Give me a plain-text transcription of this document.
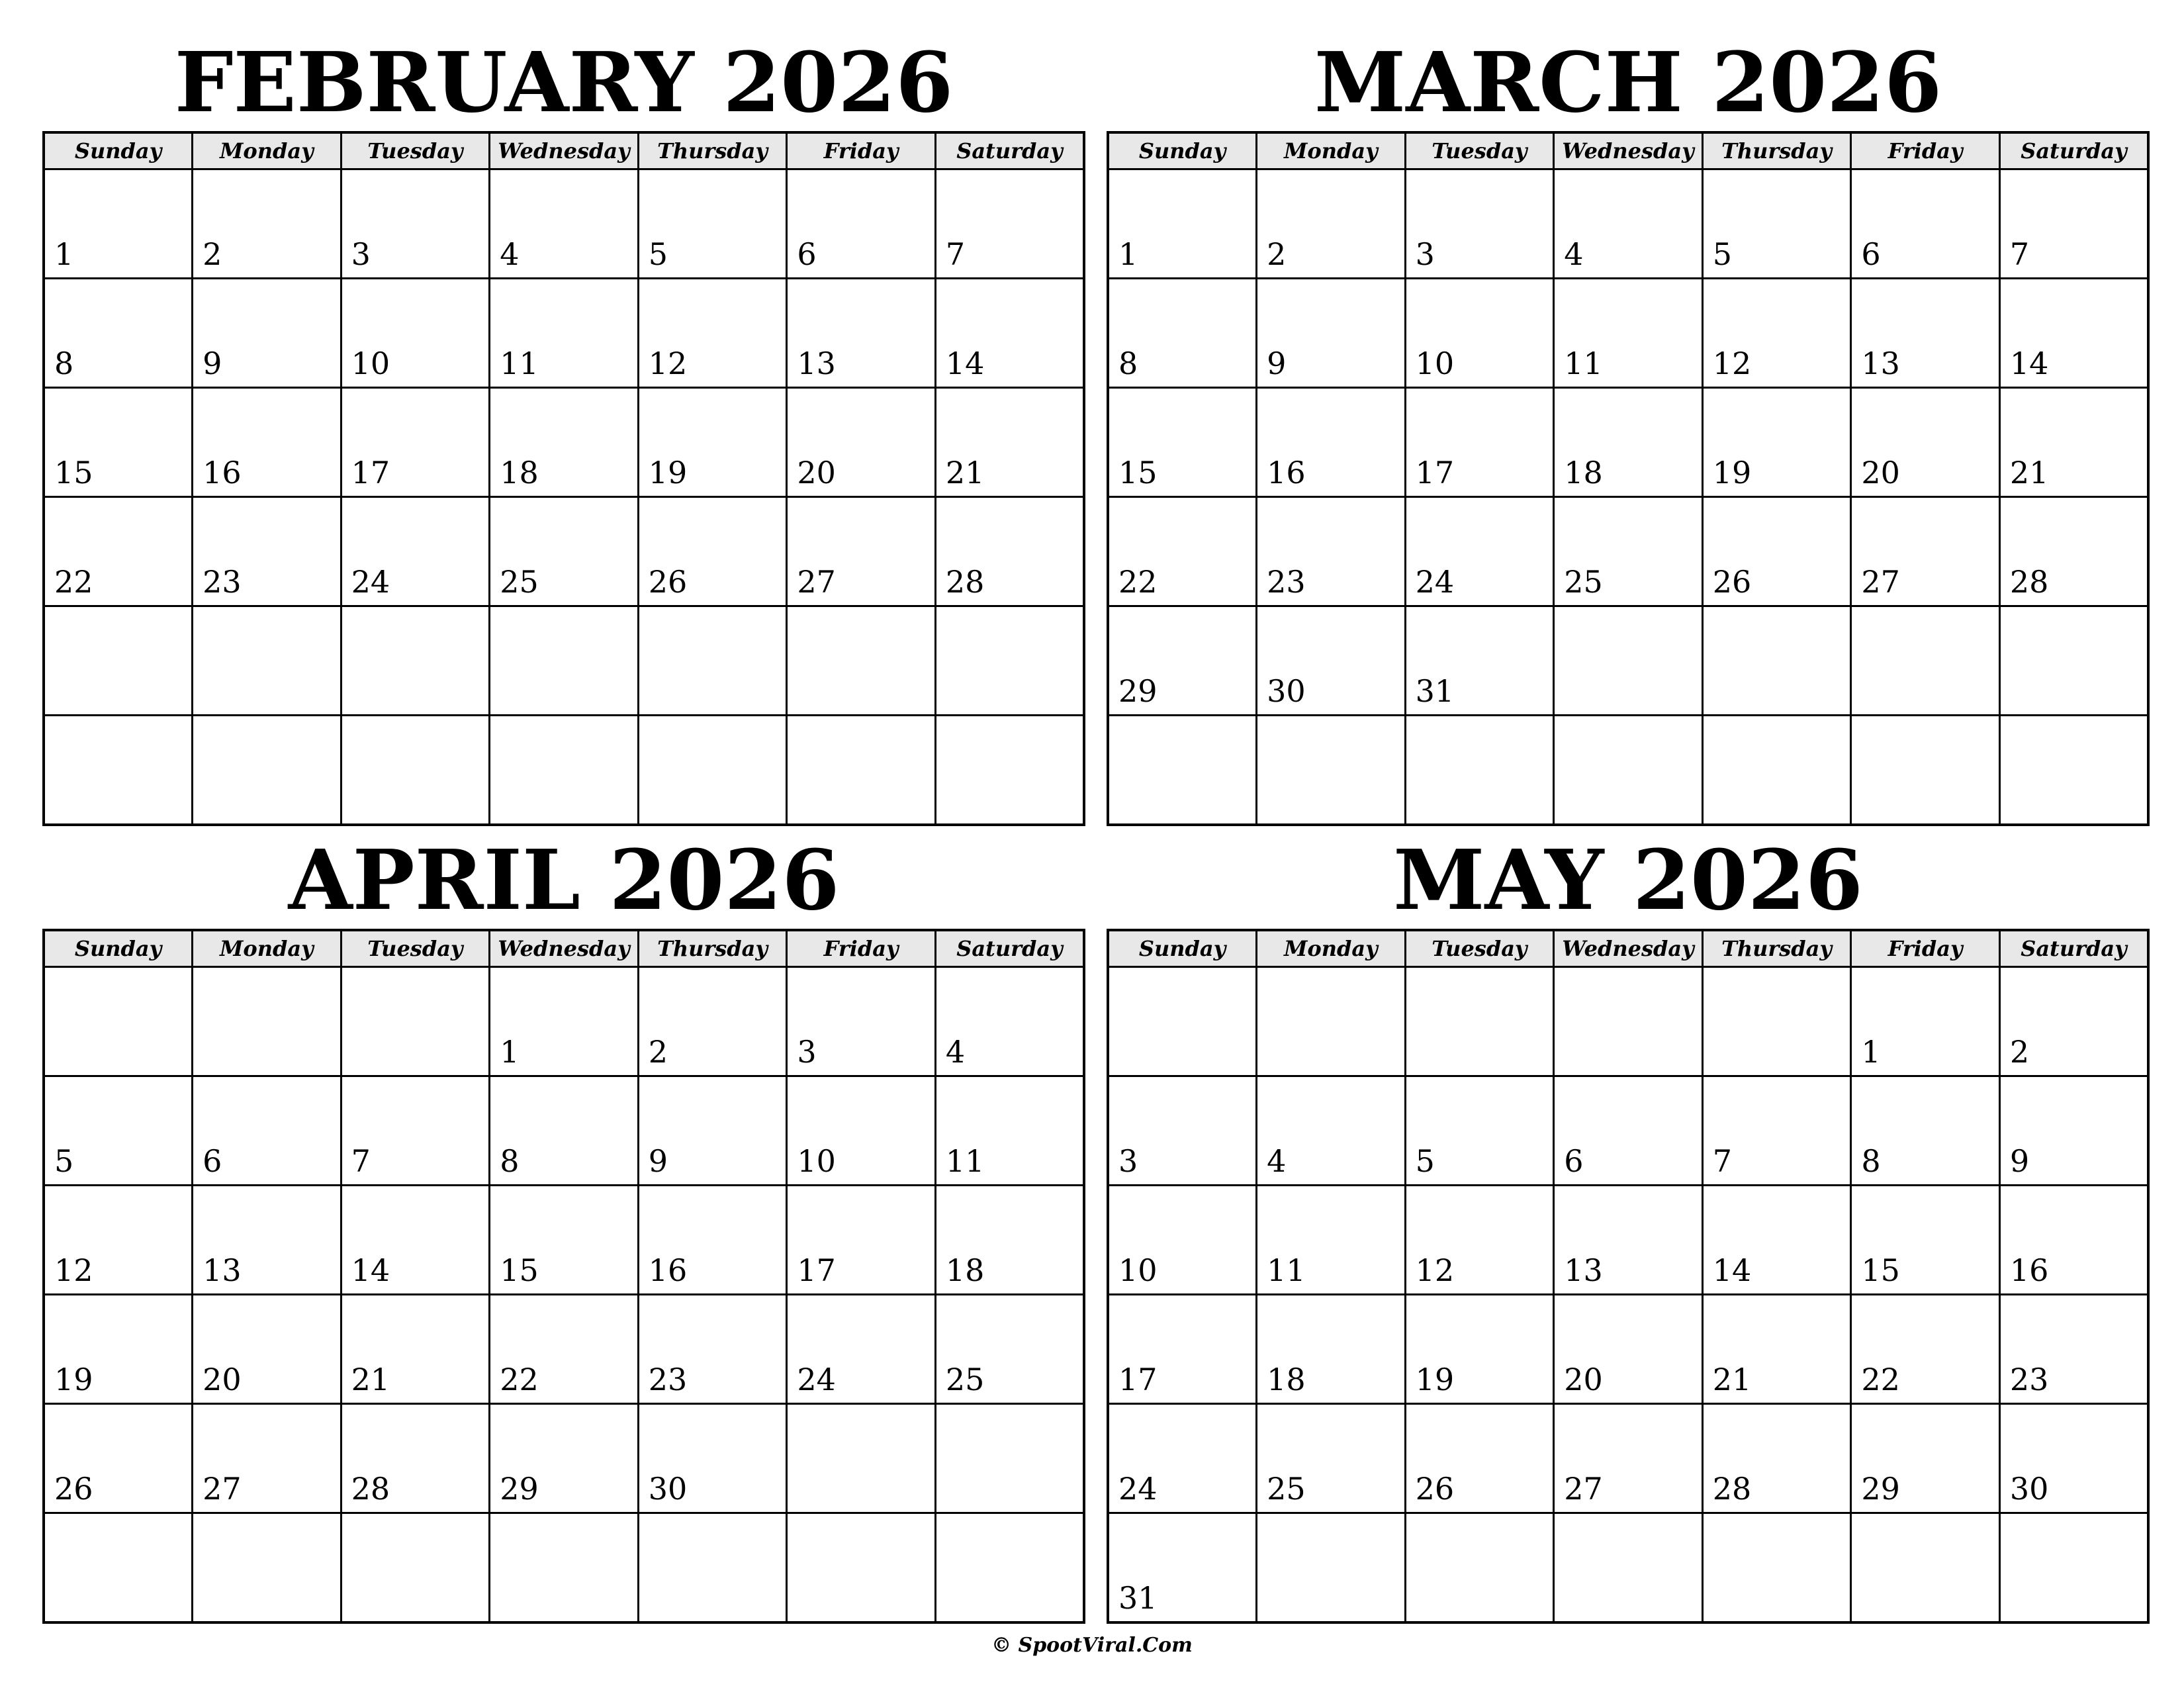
FEBRUARY 2026
Sunday	Monday	Tuesday	Wednesday	Thursday	Friday	Saturday

1	2	3	4	5	6	7

8	9	10	11	12	13	14

15	16	17	18	19	20	21

22	23	24	25	26	27	28

MARCH 2026
Sunday	Monday	Tuesday	Wednesday	Thursday	Friday	Saturday

1	2	3	4	5	6	7

8	9	10	11	12	13	14

15	16	17	18	19	20	21

22	23	24	25	26	27	28

29	30	31				

APRIL 2026
Sunday	Monday	Tuesday	Wednesday	Thursday	Friday	Saturday

			1	2	3	4

5	6	7	8	9	10	11

12	13	14	15	16	17	18

19	20	21	22	23	24	25

26	27	28	29	30		

MAY 2026
Sunday	Monday	Tuesday	Wednesday	Thursday	Friday	Saturday

					1	2

3	4	5	6	7	8	9

10	11	12	13	14	15	16

17	18	19	20	21	22	23

24	25	26	27	28	29	30

31						

© SpootViral.Com
